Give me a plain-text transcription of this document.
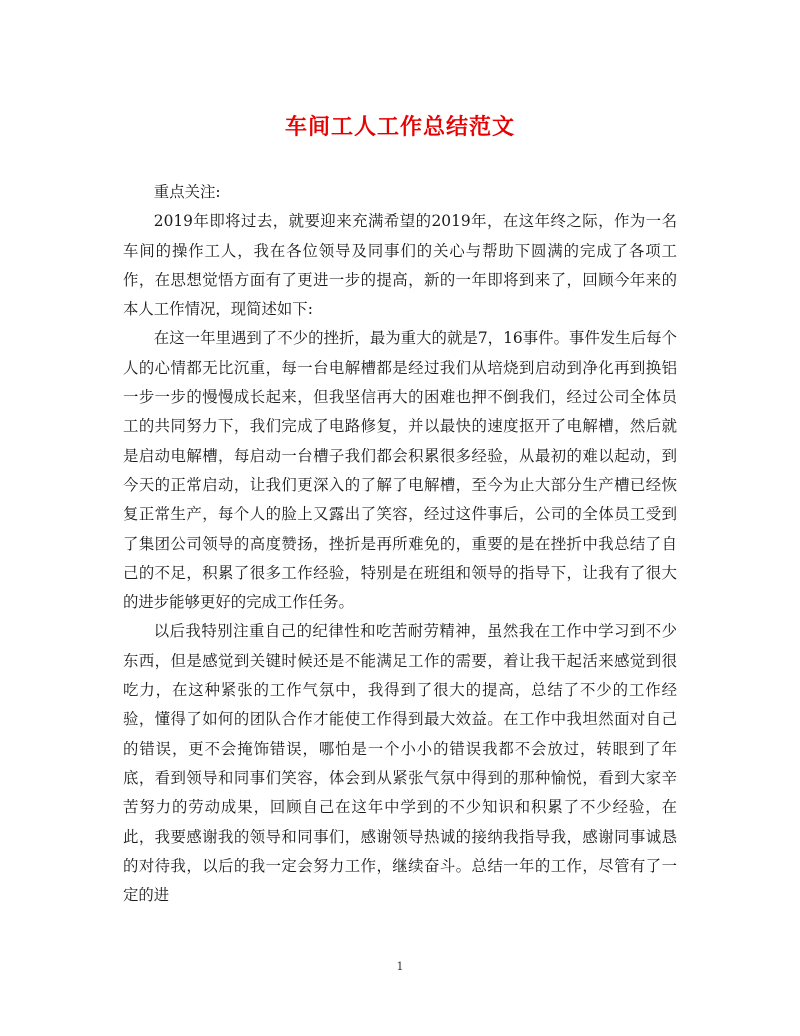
车间工人工作总结范文

重点关注:

2019年即将过去，就要迎来充满希望的2019年，在这年终之际，作为一名车间的操作工人，我在各位领导及同事们的关心与帮助下圆满的完成了各项工作，在思想觉悟方面有了更进一步的提高，新的一年即将到来了，回顾今年来的本人工作情况，现简述如下:

在这一年里遇到了不少的挫折，最为重大的就是7，16事件。事件发生后每个人的心情都无比沉重，每一台电解槽都是经过我们从培烧到启动到净化再到换铝一步一步的慢慢成长起来，但我坚信再大的困难也押不倒我们，经过公司全体员工的共同努力下，我们完成了电路修复，并以最快的速度抠开了电解槽，然后就是启动电解槽，每启动一台槽子我们都会积累很多经验，从最初的难以起动，到今天的正常启动，让我们更深入的了解了电解槽，至今为止大部分生产槽已经恢复正常生产，每个人的脸上又露出了笑容，经过这件事后，公司的全体员工受到了集团公司领导的高度赞扬，挫折是再所难免的，重要的是在挫折中我总结了自己的不足，积累了很多工作经验，特别是在班组和领导的指导下，让我有了很大的进步能够更好的完成工作任务。

以后我特别注重自己的纪律性和吃苦耐劳精神，虽然我在工作中学习到不少东西，但是感觉到关键时候还是不能满足工作的需要，着让我干起活来感觉到很吃力，在这种紧张的工作气氛中，我得到了很大的提高，总结了不少的工作经验，懂得了如何的团队合作才能使工作得到最大效益。在工作中我坦然面对自己的错误，更不会掩饰错误，哪怕是一个小小的错误我都不会放过，转眼到了年底，看到领导和同事们笑容，体会到从紧张气氛中得到的那种愉悦，看到大家辛苦努力的劳动成果，回顾自己在这年中学到的不少知识和积累了不少经验，在此，我要感谢我的领导和同事们，感谢领导热诚的接纳我指导我，感谢同事诚恳的对待我，以后的我一定会努力工作，继续奋斗。总结一年的工作，尽管有了一定的进

1
